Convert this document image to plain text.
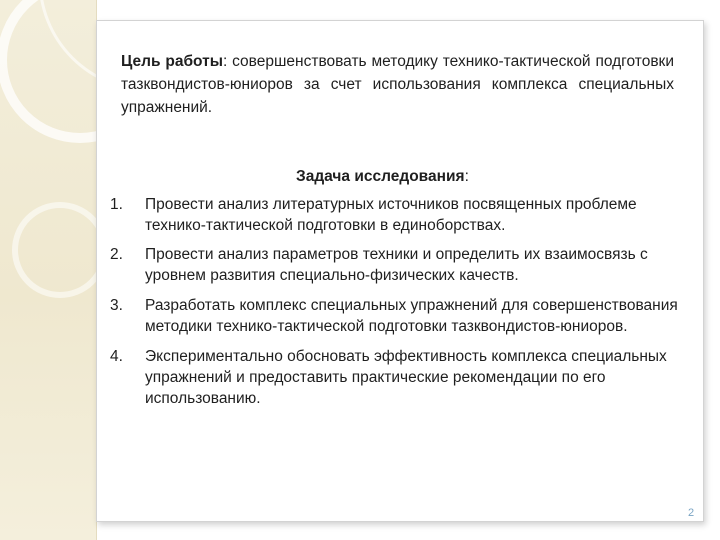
Цель работы: совершенствовать методику технико-тактической подготовки тазквондистов-юниоров за счет использования комплекса специальных упражнений.
Задача исследования:
1.	Провести анализ литературных источников посвященных проблеме технико-тактической подготовки в единоборствах.
2.	Провести анализ параметров техники и определить их взаимосвязь с уровнем развития специально-физических качеств.
3.	Разработать комплекс специальных упражнений для совершенствования методики технико-тактической подготовки тазквондистов-юниоров.
4.	Экспериментально обосновать эффективность комплекса специальных упражнений и предоставить практические рекомендации по его использованию.
2
